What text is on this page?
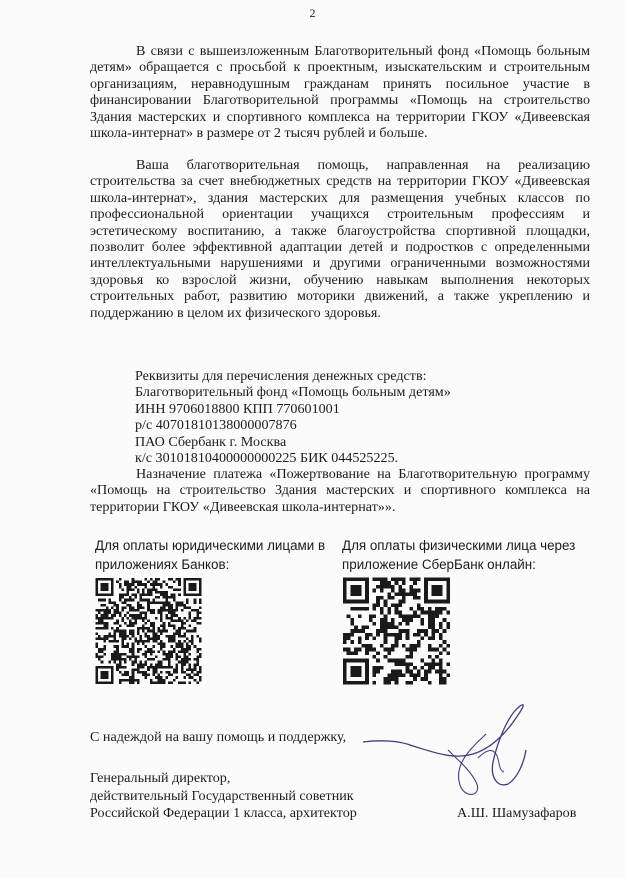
2

В связи с вышеизложенным Благотворительный фонд «Помощь больным детям» обращается с просьбой к проектным, изыскательским и строительным организациям, неравнодушным гражданам принять посильное участие в финансировании Благотворительной программы «Помощь на строительство Здания мастерских и спортивного комплекса на территории ГКОУ «Дивеевская школа-интернат» в размере от 2 тысяч рублей и больше.

Ваша благотворительная помощь, направленная на реализацию строительства за счет внебюджетных средств на территории ГКОУ «Дивеевская школа-интернат», здания мастерских для размещения учебных классов по профессиональной ориентации учащихся строительным профессиям и эстетическому воспитанию, а также благоустройства спортивной площадки, позволит более эффективной адаптации детей и подростков с определенными интеллектуальными нарушениями и другими ограниченными возможностями здоровья ко взрослой жизни, обучению навыкам выполнения некоторых строительных работ, развитию моторики движений, а также укреплению и поддержанию в целом их физического здоровья.

Реквизиты для перечисления денежных средств:
Благотворительный фонд «Помощь больным детям»
ИНН 9706018800 КПП 770601001
р/с 40701810138000007876
ПАО Сбербанк г. Москва
к/с 30101810400000000225 БИК 044525225.

Назначение платежа «Пожертвование на Благотворительную программу «Помощь на строительство Здания мастерских и спортивного комплекса на территории ГКОУ «Дивеевская школа-интернат»».

Для оплаты юридическими лицами в приложениях Банков:
Для оплаты физическими лица через приложение СберБанк онлайн:
С надеждой на вашу помощь и поддержку,
Генеральный директор,
действительный Государственный советник
Российской Федерации 1 класса, архитектор	А.Ш. Шамузафаров
